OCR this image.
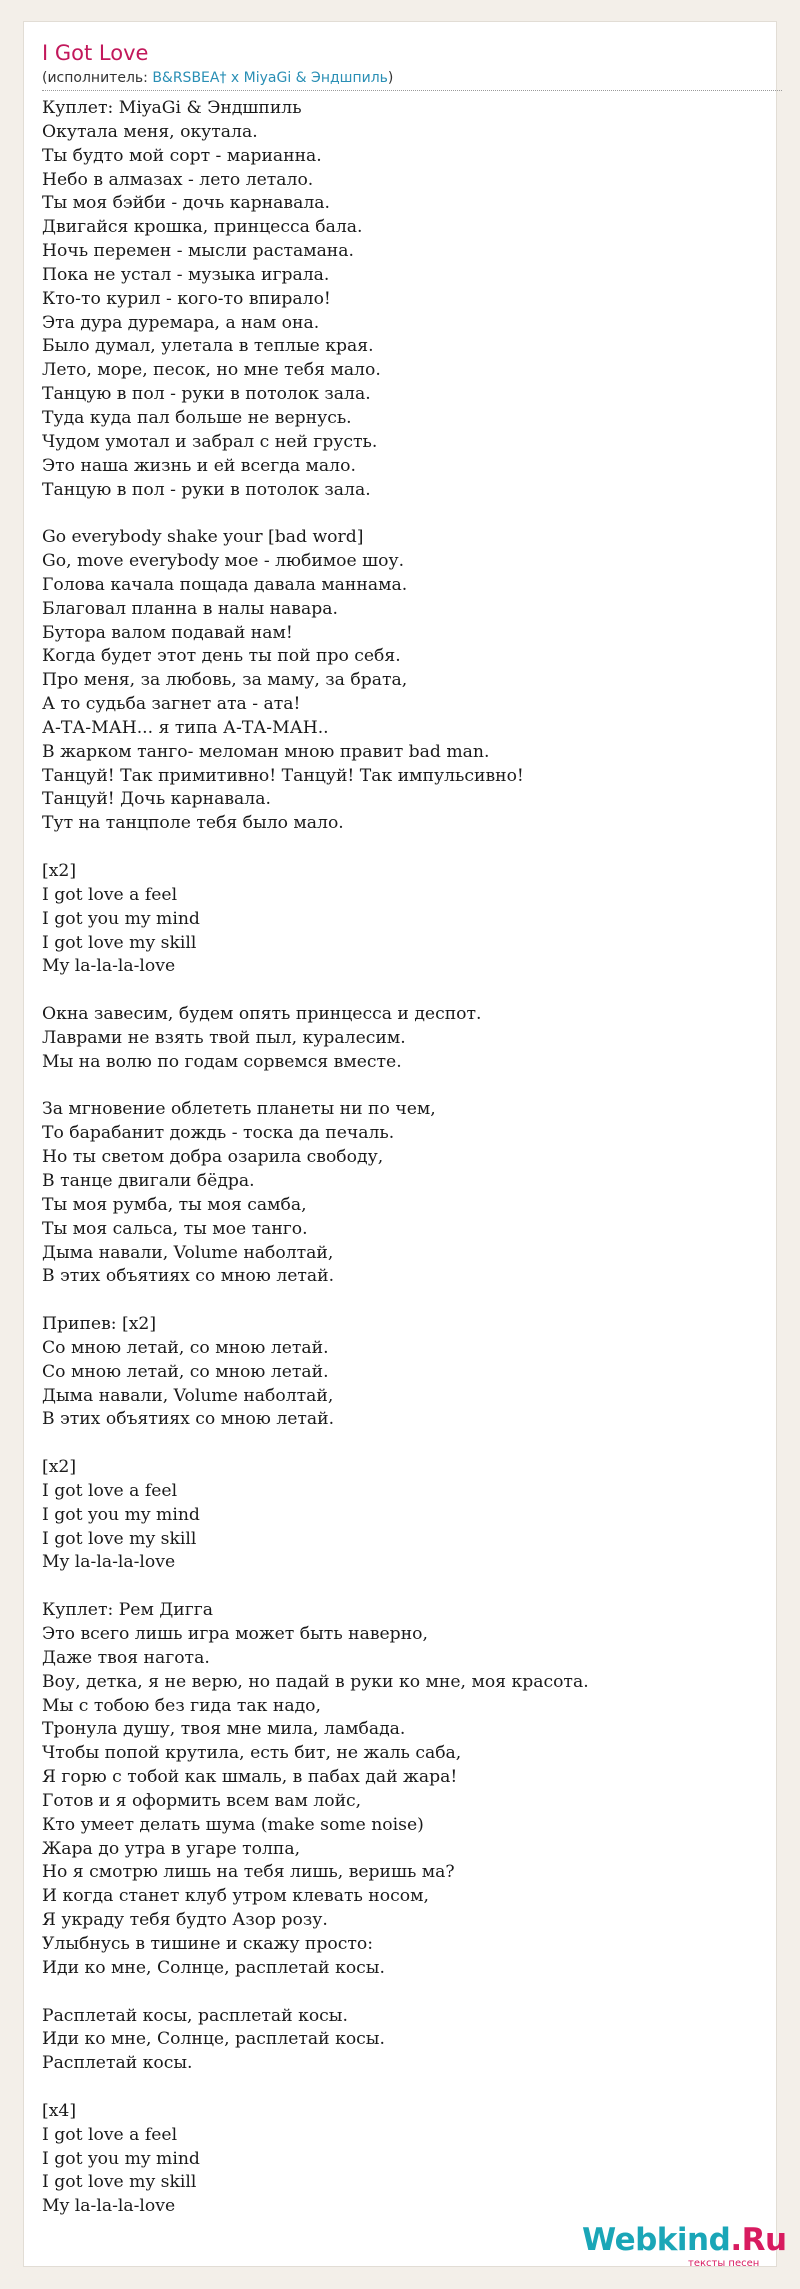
I Got Love
(исполнитель: B&RSBEA† x MiyaGi & Эндшпиль)
Куплет: MiyaGi & Эндшпиль
Окутала меня, окутала.
Ты будто мой сорт - марианна.
Небо в алмазах - лето летало.
Ты моя бэйби - дочь карнавала.
Двигайся крошка, принцесса бала.
Ночь перемен - мысли растамана.
Пока не устал - музыка играла.
Кто-то курил - кого-то впирало!
Эта дура дуремара, а нам она.
Было думал, улетала в теплые края.
Лето, море, песок, но мне тебя мало.
Танцую в пол - руки в потолок зала.
Туда куда пал больше не вернусь.
Чудом умотал и забрал с ней грусть.
Это наша жизнь и ей всегда мало.
Танцую в пол - руки в потолок зала.
Go everybody shake your [bad word]
Go, move everybody мое - любимое шоу.
Голова качала пощада давала маннама.
Благовал планна в налы навара.
Бутора валом подавай нам!
Когда будет этот день ты пой про себя.
Про меня, за любовь, за маму, за брата,
А то судьба загнет ата - ата!
А-ТА-МАН... я типа А-ТА-МАН..
В жарком танго- меломан мною правит bad man.
Танцуй! Так примитивно! Танцуй! Так импульсивно!
Танцуй! Дочь карнавала.
Тут на танцполе тебя было мало.
[x2]
I got love a feel
I got you my mind
I got love my skill
My la-la-la-love
Окна завесим, будем опять принцесса и деспот.
Лаврами не взять твой пыл, куралесим.
Мы на волю по годам сорвемся вместе.
За мгновение облететь планеты ни по чем,
То барабанит дождь - тоска да печаль.
Но ты светом добра озарила свободу,
В танце двигали бёдра.
Ты моя румба, ты моя самба,
Ты моя сальса, ты мое танго.
Дыма навали, Volume наболтай,
В этих объятиях со мною летай.
Припев: [x2]
Со мною летай, со мною летай.
Со мною летай, со мною летай.
Дыма навали, Volume наболтай,
В этих объятиях со мною летай.
[x2]
I got love a feel
I got you my mind
I got love my skill
My la-la-la-love
Куплет: Рем Дигга
Это всего лишь игра может быть наверно,
Даже твоя нагота.
Воу, детка, я не верю, но падай в руки ко мне, моя красота.
Мы с тобою без гида так надо,
Тронула душу, твоя мне мила, ламбада.
Чтобы попой крутила, есть бит, не жаль саба,
Я горю с тобой как шмаль, в пабах дай жара!
Готов и я оформить всем вам лойс,
Кто умеет делать шума (make some noise)
Жара до утра в угаре толпа,
Но я смотрю лишь на тебя лишь, веришь ма?
И когда станет клуб утром клевать носом,
Я украду тебя будто Азор розу.
Улыбнусь в тишине и скажу просто:
Иди ко мне, Солнце, расплетай косы.
Расплетай косы, расплетай косы.
Иди ко мне, Солнце, расплетай косы.
Расплетай косы.
[x4]
I got love a feel
I got you my mind
I got love my skill
My la-la-la-love
Webkind.Ru
тексты песен
